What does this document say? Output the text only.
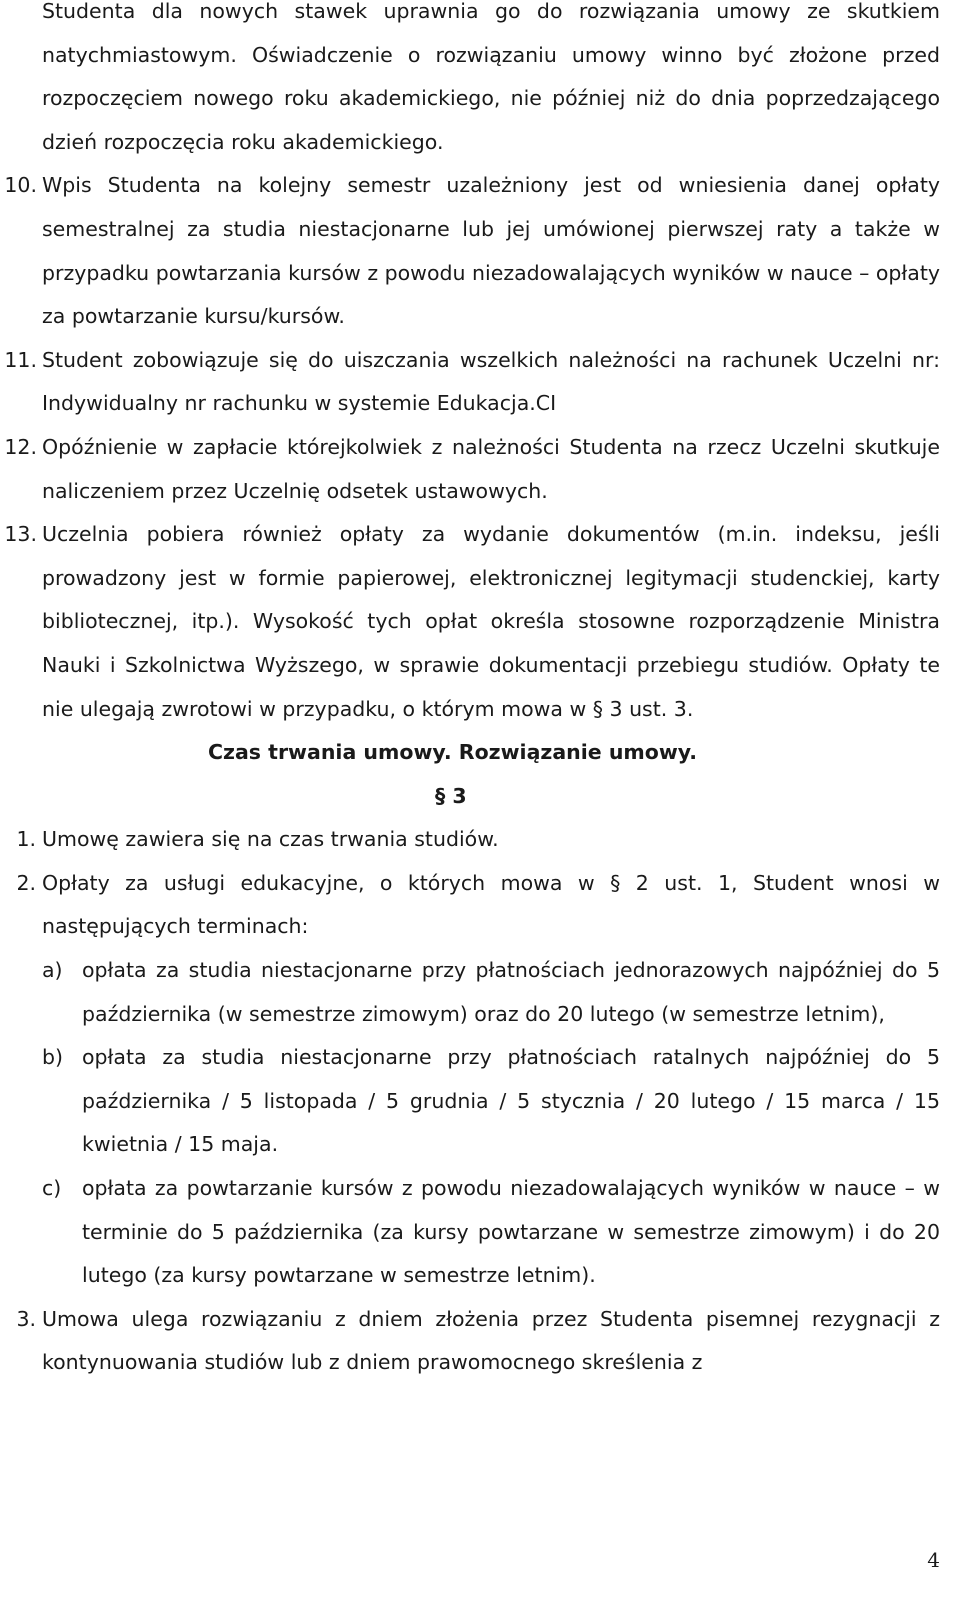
Studenta dla nowych stawek uprawnia go do rozwiązania umowy ze skutkiem natychmiastowym. Oświadczenie o rozwiązaniu umowy winno być złożone przed rozpoczęciem nowego roku akademickiego, nie później niż do dnia poprzedzającego dzień rozpoczęcia roku akademickiego.
10. Wpis Studenta na kolejny semestr uzależniony jest od wniesienia danej opłaty semestralnej za studia niestacjonarne lub jej umówionej pierwszej raty a także w przypadku powtarzania kursów z powodu niezadowalających wyników w nauce – opłaty za powtarzanie kursu/kursów.
11. Student zobowiązuje się do uiszczania wszelkich należności na rachunek Uczelni nr: Indywidualny nr rachunku w systemie Edukacja.CI
12. Opóźnienie w zapłacie którejkolwiek z należności Studenta na rzecz Uczelni skutkuje naliczeniem przez Uczelnię odsetek ustawowych.
13. Uczelnia pobiera również opłaty za wydanie dokumentów (m.in. indeksu, jeśli prowadzony jest w formie papierowej, elektronicznej legitymacji studenckiej, karty bibliotecznej, itp.). Wysokość tych opłat określa stosowne rozporządzenie Ministra Nauki i Szkolnictwa Wyższego, w sprawie dokumentacji przebiegu studiów. Opłaty te nie ulegają zwrotowi w przypadku, o którym mowa w § 3 ust. 3.
Czas trwania umowy. Rozwiązanie umowy.
§ 3
1. Umowę zawiera się na czas trwania studiów.
2. Opłaty za usługi edukacyjne, o których mowa w § 2 ust. 1, Student wnosi w następujących terminach:
a) opłata za studia niestacjonarne przy płatnościach jednorazowych najpóźniej do 5 października (w semestrze zimowym) oraz do 20 lutego (w semestrze letnim),
b) opłata za studia niestacjonarne przy płatnościach ratalnych najpóźniej do 5 października / 5 listopada / 5 grudnia / 5 stycznia / 20 lutego / 15 marca / 15 kwietnia / 15 maja.
c)	opłata za powtarzanie kursów z powodu niezadowalających wyników w nauce – w terminie do 5 października (za kursy powtarzane w semestrze zimowym) i do 20 lutego (za kursy powtarzane w semestrze letnim).
3. Umowa ulega rozwiązaniu z dniem złożenia przez Studenta pisemnej rezygnacji z kontynuowania studiów lub z dniem prawomocnego skreślenia z
4
